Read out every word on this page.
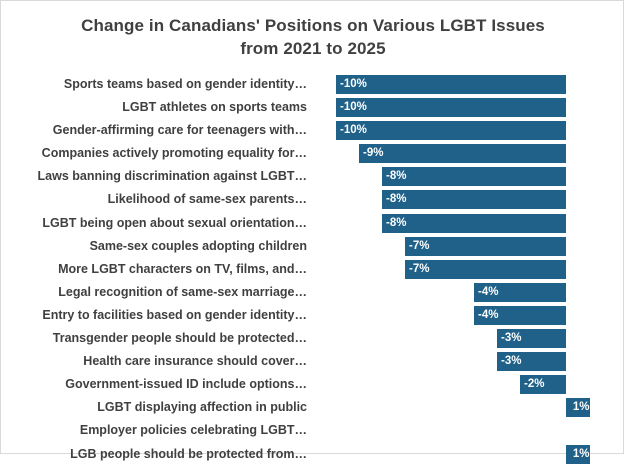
Change in Canadians' Positions on Various LGBT Issues from 2021 to 2025
Sports teams based on gender identity…	-10%
LGBT athletes on sports teams	-10%
Gender-affirming care for teenagers with…	-10%
Companies actively promoting equality for…	-9%
Laws banning discrimination against LGBT…	-8%
Likelihood of same-sex parents…	-8%
LGBT being open about sexual orientation…	-8%
Same-sex couples adopting children	-7%
More LGBT characters on TV, films, and…	-7%
Legal recognition of same-sex marriage…	-4%
Entry to facilities based on gender identity…	-4%
Transgender people should be protected…	-3%
Health care insurance should cover…	-3%
Government-issued ID include options…	-2%
LGBT displaying affection in public	1%
Employer policies celebrating LGBT…
LGB people should be protected from…	1%
